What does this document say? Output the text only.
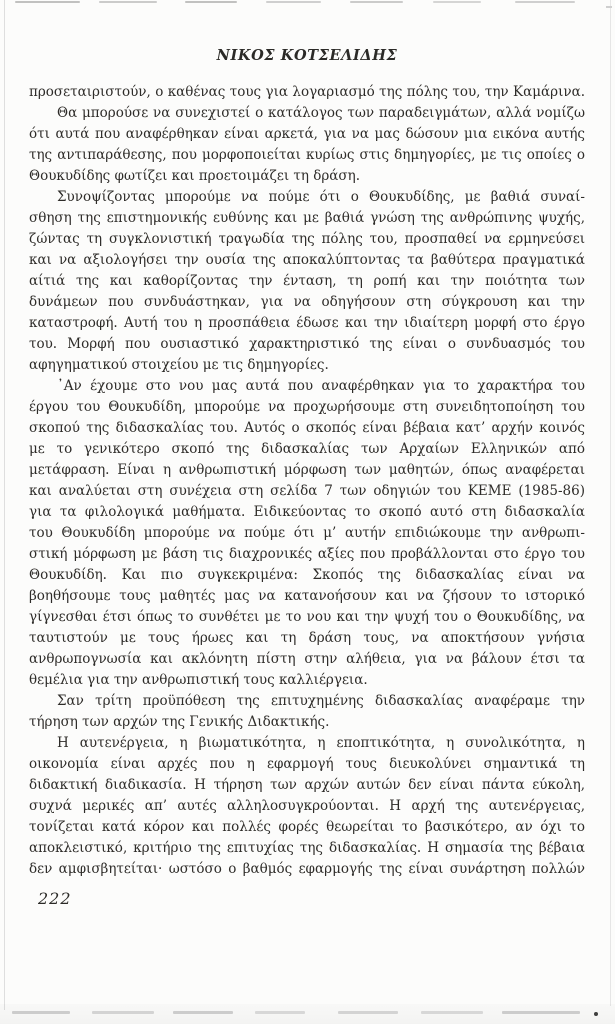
ΝΙΚΟΣ ΚΟΤΣΕΛΙΔΗΣ
προσεταιριστούν, ο καθένας τους για λογαριασμό της πόλης του, την Καμάρινα.
Θα μπορούσε να συνεχιστεί ο κατάλογος των παραδειγμάτων, αλλά νομίζω
ότι αυτά που αναφέρθηκαν είναι αρκετά, για να μας δώσουν μια εικόνα αυτής
της αντιπαράθεσης, που μορφοποιείται κυρίως στις δημηγορίες, με τις οποίες ο
Θουκυδίδης φωτίζει και προετοιμάζει τη δράση.
Συνοψίζοντας μπορούμε να πούμε ότι ο Θουκυδίδης, με βαθιά συναί-
σθηση της επιστημονικής ευθύνης και με βαθιά γνώση της ανθρώπινης ψυχής,
ζώντας τη συγκλονιστική τραγωδία της πόλης του, προσπαθεί να ερμηνεύσει
και να αξιολογήσει την ουσία της αποκαλύπτοντας τα βαθύτερα πραγματικά
αίτιά της και καθορίζοντας την ένταση, τη ροπή και την ποιότητα των
δυνάμεων που συνδυάστηκαν, για να οδηγήσουν στη σύγκρουση και την
καταστροφή. Αυτή του η προσπάθεια έδωσε και την ιδιαίτερη μορφή στο έργο
του. Μορφή που ουσιαστικό χαρακτηριστικό της είναι ο συνδυασμός του
αφηγηματικού στοιχείου με τις δημηγορίες.
᾿Αν έχουμε στο νου μας αυτά που αναφέρθηκαν για το χαρακτήρα του
έργου του Θουκυδίδη, μπορούμε να προχωρήσουμε στη συνειδητοποίηση του
σκοπού της διδασκαλίας του. Αυτός ο σκοπός είναι βέβαια κατ’ αρχήν κοινός
με το γενικότερο σκοπό της διδασκαλίας των Αρχαίων Ελληνικών από
μετάφραση. Είναι η ανθρωπιστική μόρφωση των μαθητών, όπως αναφέρεται
και αναλύεται στη συνέχεια στη σελίδα 7 των οδηγιών του ΚΕΜΕ (1985-86)
για τα φιλολογικά μαθήματα. Ειδικεύοντας το σκοπό αυτό στη διδασκαλία
του Θουκυδίδη μπορούμε να πούμε ότι μ’ αυτήν επιδιώκουμε την ανθρωπι-
στική μόρφωση με βάση τις διαχρονικές αξίες που προβάλλονται στο έργο του
Θουκυδίδη. Και πιο συγκεκριμένα: Σκοπός της διδασκαλίας είναι να
βοηθήσουμε τους μαθητές μας να κατανοήσουν και να ζήσουν το ιστορικό
γίγνεσθαι έτσι όπως το συνθέτει με το νου και την ψυχή του ο Θουκυδίδης, να
ταυτιστούν με τους ήρωες και τη δράση τους, να αποκτήσουν γνήσια
ανθρωπογνωσία και ακλόνητη πίστη στην αλήθεια, για να βάλουν έτσι τα
θεμέλια για την ανθρωπιστική τους καλλιέργεια.
Σαν τρίτη προϋπόθεση της επιτυχημένης διδασκαλίας αναφέραμε την
τήρηση των αρχών της Γενικής Διδακτικής.
Η αυτενέργεια, η βιωματικότητα, η εποπτικότητα, η συνολικότητα, η
οικονομία είναι αρχές που η εφαρμογή τους διευκολύνει σημαντικά τη
διδακτική διαδικασία. Η τήρηση των αρχών αυτών δεν είναι πάντα εύκολη,
συχνά μερικές απ’ αυτές αλληλοσυγκρούονται. Η αρχή της αυτενέργειας,
τονίζεται κατά κόρον και πολλές φορές θεωρείται το βασικότερο, αν όχι το
αποκλειστικό, κριτήριο της επιτυχίας της διδασκαλίας. Η σημασία της βέβαια
δεν αμφισβητείται· ωστόσο ο βαθμός εφαρμογής της είναι συνάρτηση πολλών
222
